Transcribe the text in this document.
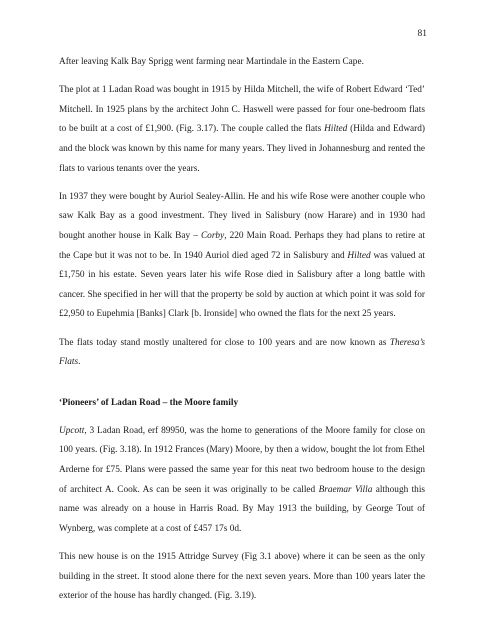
81

After leaving Kalk Bay Sprigg went farming near Martindale in the Eastern Cape.

The plot at 1 Ladan Road was bought in 1915 by Hilda Mitchell, the wife of Robert Edward ‘Ted’ Mitchell. In 1925 plans by the architect John C. Haswell were passed for four one-bedroom flats to be built at a cost of £1,900. (Fig. 3.17). The couple called the flats Hilted (Hilda and Edward) and the block was known by this name for many years. They lived in Johannesburg and rented the flats to various tenants over the years.

In 1937 they were bought by Auriol Sealey-Allin. He and his wife Rose were another couple who saw Kalk Bay as a good investment. They lived in Salisbury (now Harare) and in 1930 had bought another house in Kalk Bay – Corby, 220 Main Road. Perhaps they had plans to retire at the Cape but it was not to be. In 1940 Auriol died aged 72 in Salisbury and Hilted was valued at £1,750 in his estate. Seven years later his wife Rose died in Salisbury after a long battle with cancer. She specified in her will that the property be sold by auction at which point it was sold for £2,950 to Eupehmia [Banks] Clark [b. Ironside] who owned the flats for the next 25 years.

The flats today stand mostly unaltered for close to 100 years and are now known as Theresa’s Flats.

‘Pioneers’ of Ladan Road – the Moore family

Upcott, 3 Ladan Road, erf 89950, was the home to generations of the Moore family for close on 100 years. (Fig. 3.18). In 1912 Frances (Mary) Moore, by then a widow, bought the lot from Ethel Arderne for £75. Plans were passed the same year for this neat two bedroom house to the design of architect A. Cook. As can be seen it was originally to be called Braemar Villa although this name was already on a house in Harris Road. By May 1913 the building, by George Tout of Wynberg, was complete at a cost of £457 17s 0d.

This new house is on the 1915 Attridge Survey (Fig 3.1 above) where it can be seen as the only building in the street. It stood alone there for the next seven years. More than 100 years later the exterior of the house has hardly changed. (Fig. 3.19).
